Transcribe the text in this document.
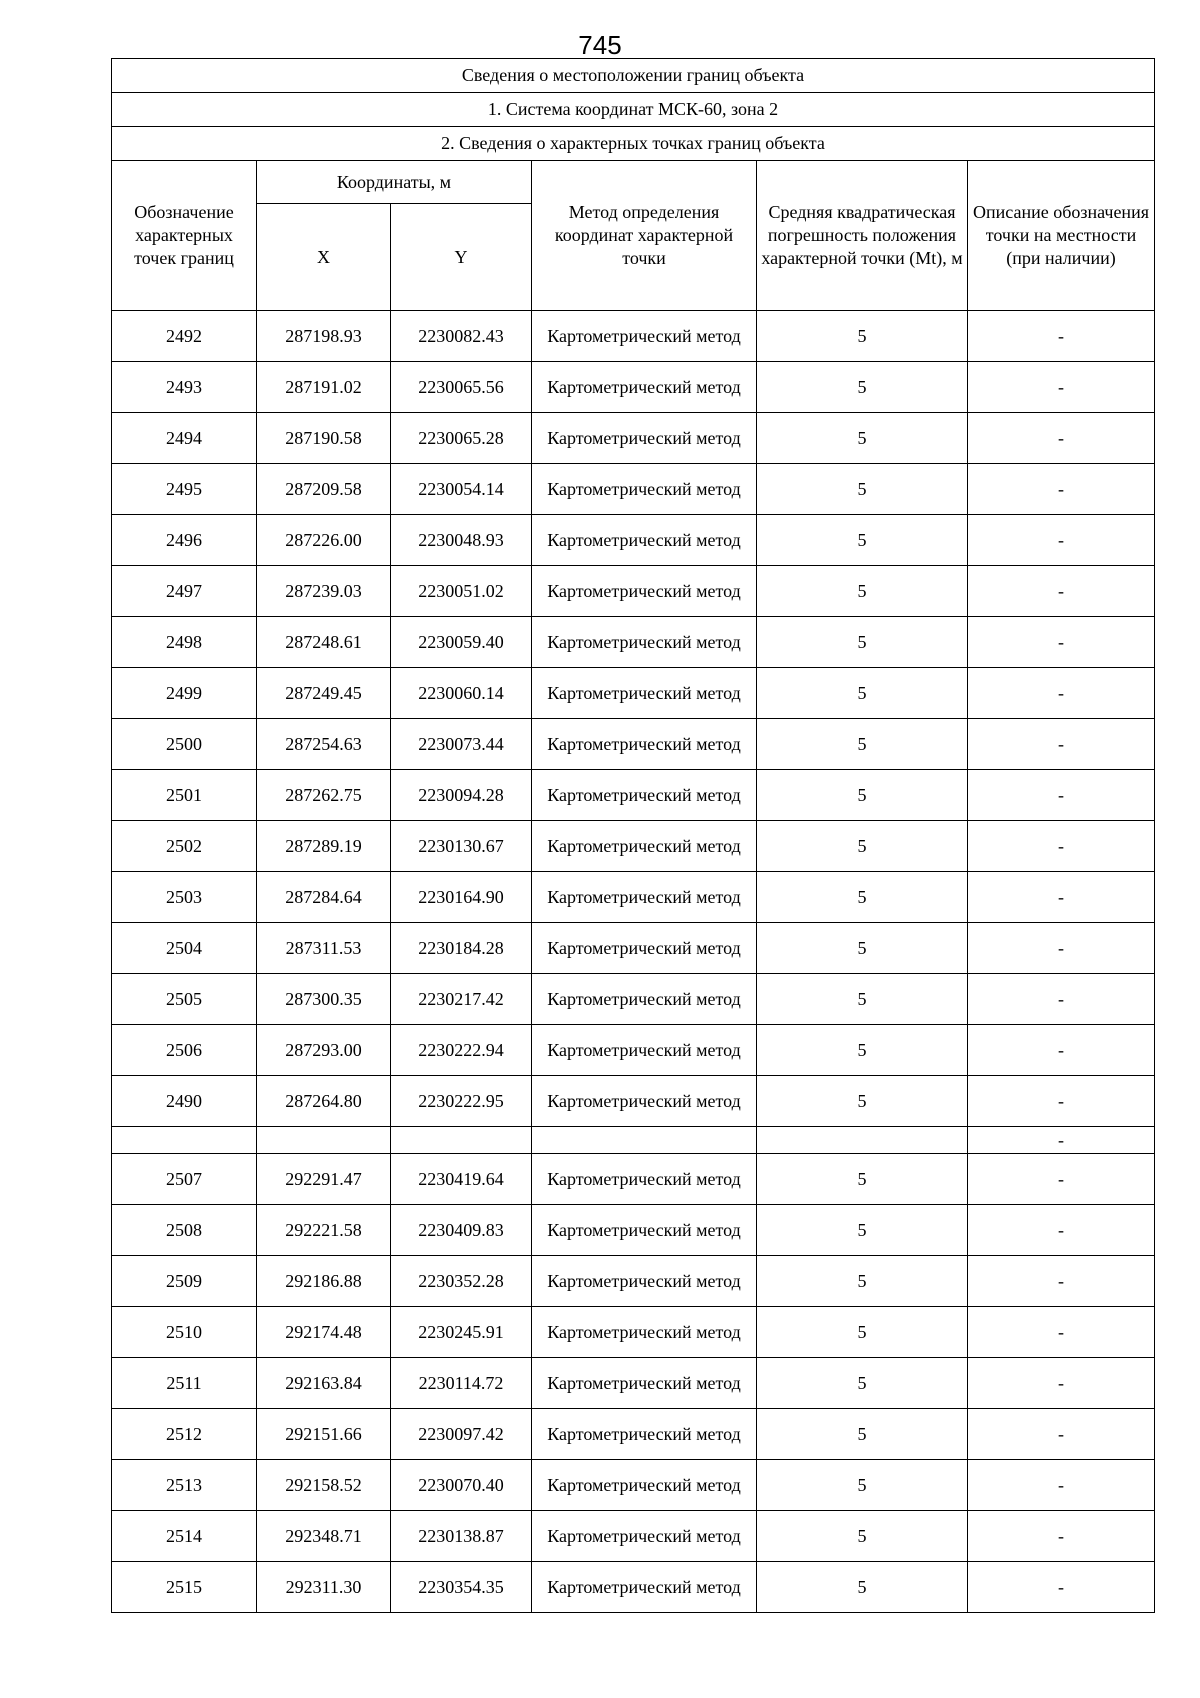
745
Сведения о местоположении границ объекта					
1. Система координат МСК-60, зона 2					
2. Сведения о характерных точках границ объекта					
Обозначение характерных точек границ	Координаты, м		Метод определения координат характерной точки	Средняя квадратическая погрешность положения характерной точки (Mt), м	Описание обозначения точки на местности (при наличии)
	X	Y			
2492	287198.93	2230082.43	Картометрический метод	5	-
2493	287191.02	2230065.56	Картометрический метод	5	-
2494	287190.58	2230065.28	Картометрический метод	5	-
2495	287209.58	2230054.14	Картометрический метод	5	-
2496	287226.00	2230048.93	Картометрический метод	5	-
2497	287239.03	2230051.02	Картометрический метод	5	-
2498	287248.61	2230059.40	Картометрический метод	5	-
2499	287249.45	2230060.14	Картометрический метод	5	-
2500	287254.63	2230073.44	Картометрический метод	5	-
2501	287262.75	2230094.28	Картометрический метод	5	-
2502	287289.19	2230130.67	Картометрический метод	5	-
2503	287284.64	2230164.90	Картометрический метод	5	-
2504	287311.53	2230184.28	Картометрический метод	5	-
2505	287300.35	2230217.42	Картометрический метод	5	-
2506	287293.00	2230222.94	Картометрический метод	5	-
2490	287264.80	2230222.95	Картометрический метод	5	-
					-
2507	292291.47	2230419.64	Картометрический метод	5	-
2508	292221.58	2230409.83	Картометрический метод	5	-
2509	292186.88	2230352.28	Картометрический метод	5	-
2510	292174.48	2230245.91	Картометрический метод	5	-
2511	292163.84	2230114.72	Картометрический метод	5	-
2512	292151.66	2230097.42	Картометрический метод	5	-
2513	292158.52	2230070.40	Картометрический метод	5	-
2514	292348.71	2230138.87	Картометрический метод	5	-
2515	292311.30	2230354.35	Картометрический метод	5	-
